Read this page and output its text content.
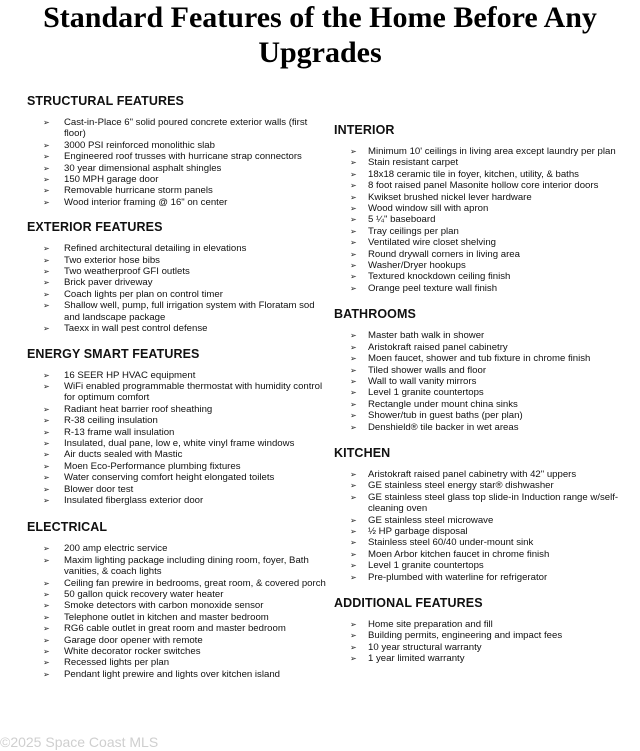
Standard Features of the Home Before Any
Upgrades
STRUCTURAL FEATURES
➢ Cast-in-Place 6" solid poured concrete exterior walls (first floor)
➢ 3000 PSI reinforced monolithic slab
➢ Engineered roof trusses with hurricane strap connectors
➢ 30 year dimensional asphalt shingles
➢ 150 MPH garage door
➢ Removable hurricane storm panels
➢ Wood interior framing @ 16" on center
EXTERIOR FEATURES
➢ Refined architectural detailing in elevations
➢ Two exterior hose bibs
➢ Two weatherproof GFI outlets
➢ Brick paver driveway
➢ Coach lights per plan on control timer
➢ Shallow well, pump, full irrigation system with Floratam sod and landscape package
➢ Taexx in wall pest control defense
ENERGY SMART FEATURES
➢ 16 SEER HP HVAC equipment
➢ WiFi enabled programmable thermostat with humidity control for optimum comfort
➢ Radiant heat barrier roof sheathing
➢ R-38 ceiling insulation
➢ R-13 frame wall insulation
➢ Insulated, dual pane, low e, white vinyl frame windows
➢ Air ducts sealed with Mastic
➢ Moen Eco-Performance plumbing fixtures
➢ Water conserving comfort height elongated toilets
➢ Blower door test
➢ Insulated fiberglass exterior door
ELECTRICAL
➢ 200 amp electric service
➢ Maxim lighting package including dining room, foyer, Bath vanities, & coach lights
➢ Ceiling fan prewire in bedrooms, great room, & covered porch
➢ 50 gallon quick recovery water heater
➢ Smoke detectors with carbon monoxide sensor
➢ Telephone outlet in kitchen and master bedroom
➢ RG6 cable outlet in great room and master bedroom
➢ Garage door opener with remote
➢ White decorator rocker switches
➢ Recessed lights per plan
➢ Pendant light prewire and lights over kitchen island
INTERIOR
➢ Minimum 10' ceilings in living area except laundry per plan
➢ Stain resistant carpet
➢ 18x18 ceramic tile in foyer, kitchen, utility, & baths
➢ 8 foot raised panel Masonite hollow core interior doors
➢ Kwikset brushed nickel lever hardware
➢ Wood window sill with apron
➢ 5 ¼" baseboard
➢ Tray ceilings per plan
➢ Ventilated wire closet shelving
➢ Round drywall corners in living area
➢ Washer/Dryer hookups
➢ Textured knockdown ceiling finish
➢ Orange peel texture wall finish
BATHROOMS
➢ Master bath walk in shower
➢ Aristokraft raised panel cabinetry
➢ Moen faucet, shower and tub fixture in chrome finish
➢ Tiled shower walls and floor
➢ Wall to wall vanity mirrors
➢ Level 1 granite countertops
➢ Rectangle under mount china sinks
➢ Shower/tub in guest baths (per plan)
➢ Denshield® tile backer in wet areas
KITCHEN
➢ Aristokraft raised panel cabinetry with 42" uppers
➢ GE stainless steel energy star® dishwasher
➢ GE stainless steel glass top slide-in Induction range w/self-cleaning oven
➢ GE stainless steel microwave
➢ ½ HP garbage disposal
➢ Stainless steel 60/40 under-mount sink
➢ Moen Arbor kitchen faucet in chrome finish
➢ Level 1 granite countertops
➢ Pre-plumbed with waterline for refrigerator
ADDITIONAL FEATURES
➢ Home site preparation and fill
➢ Building permits, engineering and impact fees
➢ 10 year structural warranty
➢ 1 year limited warranty
©2025 Space Coast MLS
